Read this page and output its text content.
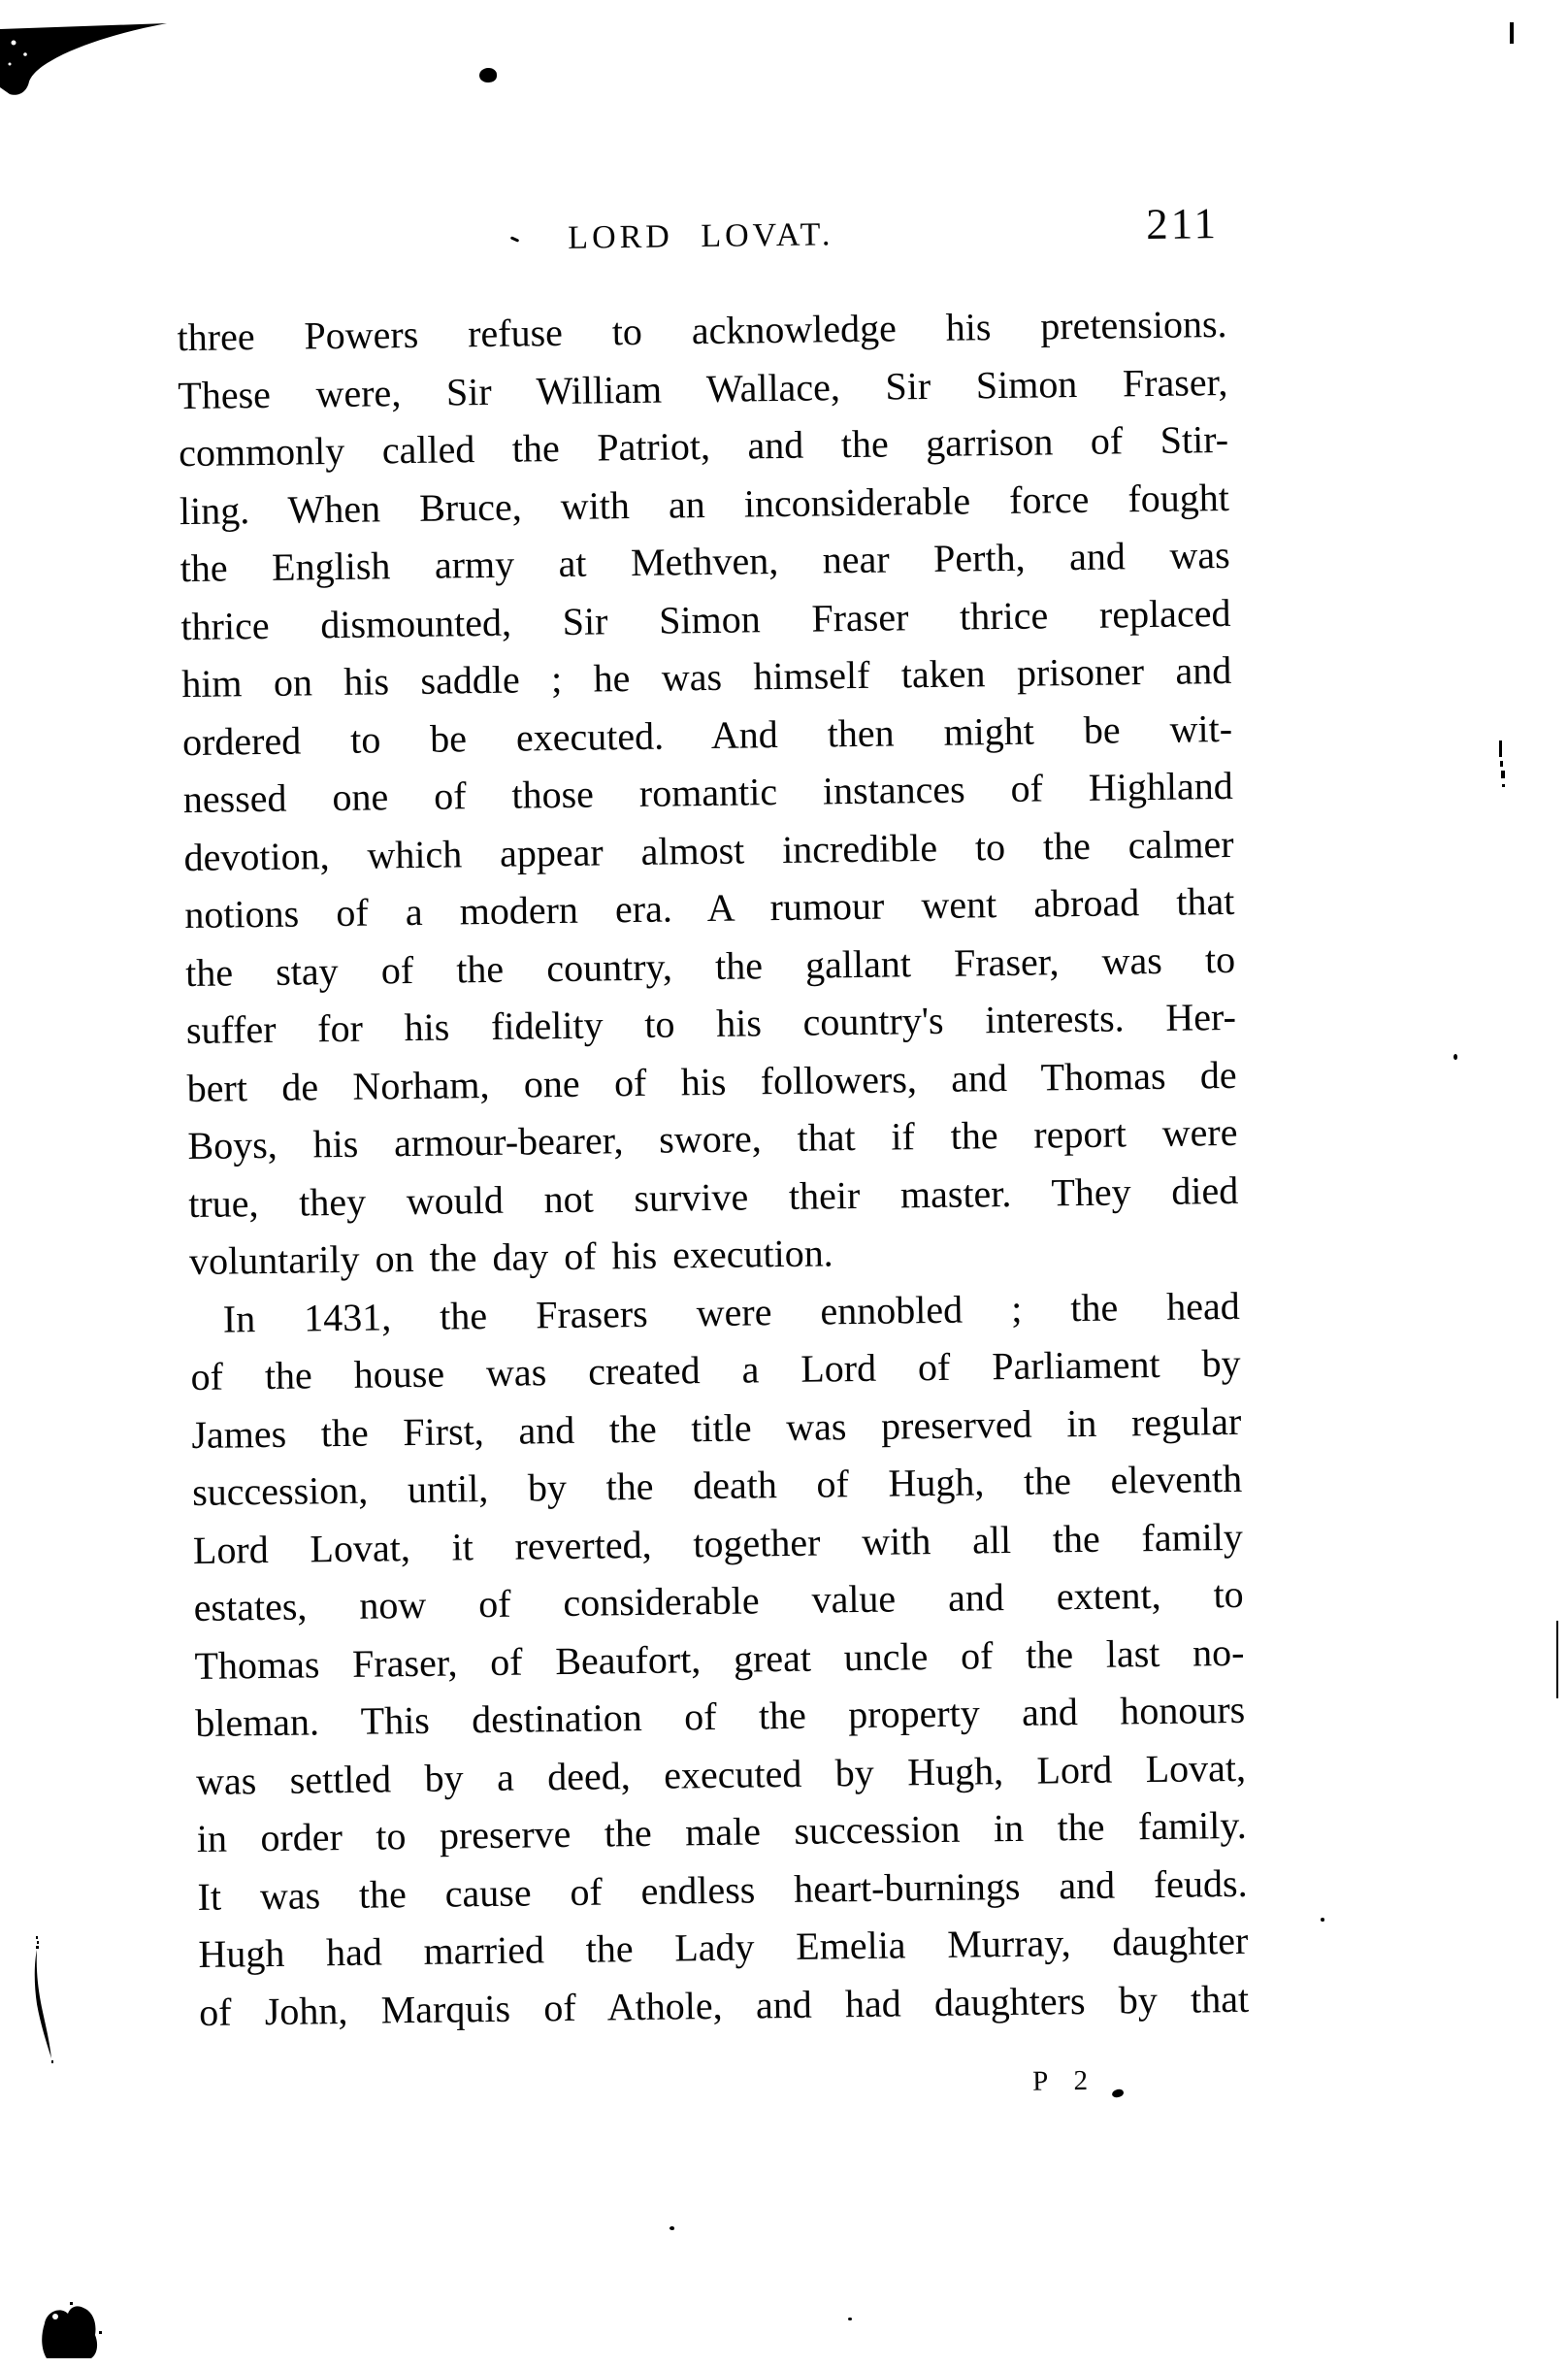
LORD LOVAT.	211
three Powers refuse to acknowledge his pretensions.
These were, Sir William Wallace, Sir Simon Fraser,
commonly called the Patriot, and the garrison of Stir-
ling. When Bruce, with an inconsiderable force fought
the English army at Methven, near Perth, and was
thrice dismounted, Sir Simon Fraser thrice replaced
him on his saddle ; he was himself taken prisoner and
ordered to be executed. And then might be wit-
nessed one of those romantic instances of Highland
devotion, which appear almost incredible to the calmer
notions of a modern era. A rumour went abroad that
the stay of the country, the gallant Fraser, was to
suffer for his fidelity to his country's interests. Her-
bert de Norham, one of his followers, and Thomas de
Boys, his armour-bearer, swore, that if the report were
true, they would not survive their master. They died
voluntarily on the day of his execution.
In 1431, the Frasers were ennobled ; the head
of the house was created a Lord of Parliament by
James the First, and the title was preserved in regular
succession, until, by the death of Hugh, the eleventh
Lord Lovat, it reverted, together with all the family
estates, now of considerable value and extent, to
Thomas Fraser, of Beaufort, great uncle of the last no-
bleman. This destination of the property and honours
was settled by a deed, executed by Hugh, Lord Lovat,
in order to preserve the male succession in the family.
It was the cause of endless heart-burnings and feuds.
Hugh had married the Lady Emelia Murray, daughter
of John, Marquis of Athole, and had daughters by that
P 2
